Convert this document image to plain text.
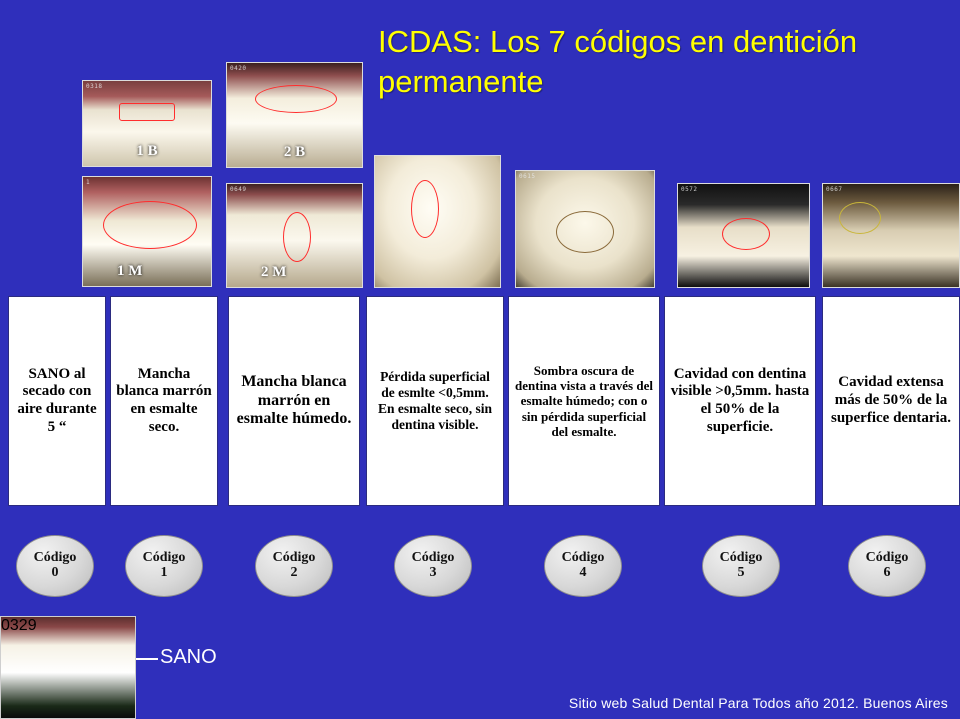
ICDAS: Los 7 códigos en dentición permanente
0318
1 B
0420
2 B
1
1 M
0649
2 M
0615
0572	0667
SANO al secado con aire durante 5 “
Mancha blanca marrón en esmalte seco.
Mancha blanca marrón en esmalte húmedo.
Pérdida superficial de esmlte <0,5mm. En esmalte seco, sin dentina visible.
Sombra oscura de dentina vista a través del esmalte húmedo; con o sin pérdida superficial del esmalte.
Cavidad con dentina visible >0,5mm. hasta el 50% de la superficie.
Cavidad extensa más de 50% de la superfice dentaria.
Código
0
Código
1
Código
2
Código
3
Código
4
Código
5
Código
6
0329
SANO
Sitio web Salud Dental Para Todos año 2012. Buenos Aires
